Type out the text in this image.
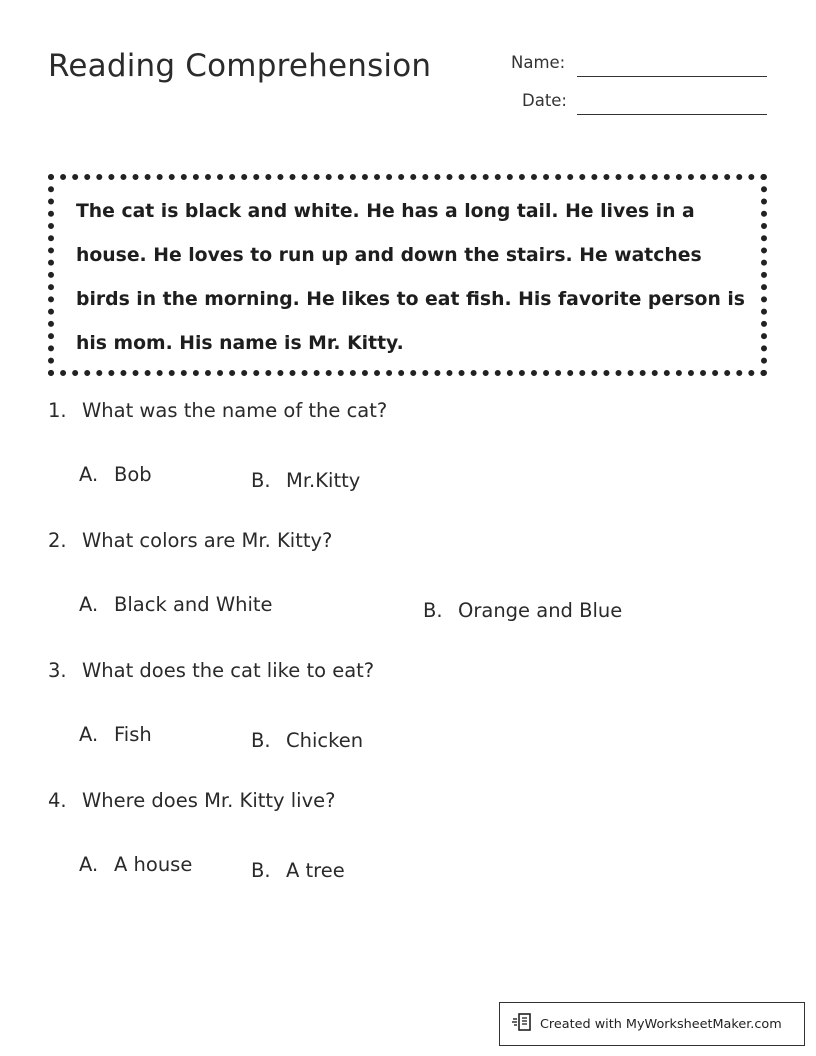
Reading Comprehension	Name:
Date:
The cat is black and white. He has a long tail. He lives in a house. He loves to run up and down the stairs. He watches birds in the morning. He likes to eat fish. His favorite person is his mom. His name is Mr. Kitty.
1. What was the name of the cat?
A. Bob	B. Mr.Kitty
2. What colors are Mr. Kitty?
A. Black and White	B. Orange and Blue
3. What does the cat like to eat?
A. Fish	B. Chicken
4. Where does Mr. Kitty live?
A. A house	B. A tree
Created with MyWorksheetMaker.com
